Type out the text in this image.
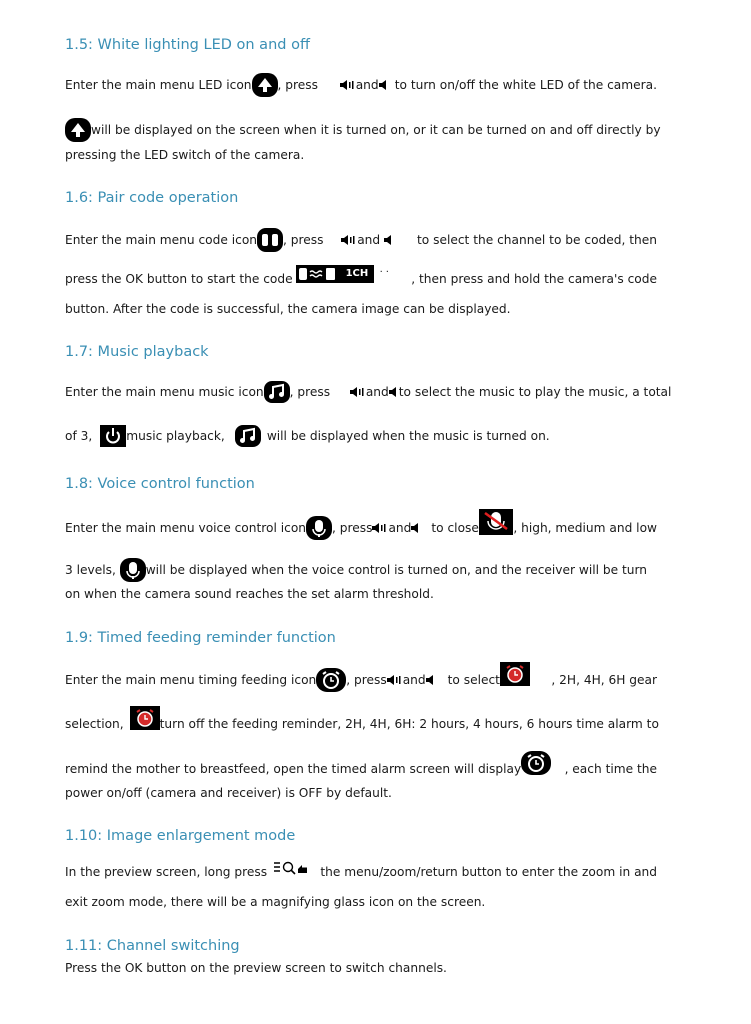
1.5: White lighting LED on and off
Enter the main menu LED icon , press	and	to turn on/off the white LED of the camera.
will be displayed on the screen when it is turned on, or it can be turned on and off directly by
pressing the LED switch of the camera.
1.6: Pair code operation
Enter the main menu code icon , press	and	to select the channel to be coded, then
press the OK button to start the code	1CH ·· , then press and hold the camera's code
button. After the code is successful, the camera image can be displayed.
1.7: Music playback
Enter the main menu music icon , press	and to select the music to play the music, a total
of 3,	music playback,	will be displayed when the music is turned on.
1.8: Voice control function
Enter the main menu voice control icon , press and to close	, high, medium and low
3 levels, will be displayed when the voice control is turned on, and the receiver will be turn
on when the camera sound reaches the set alarm threshold.
1.9: Timed feeding reminder function
Enter the main menu timing feeding icon , press and to select	, 2H, 4H, 6H gear
selection,	turn off the feeding reminder, 2H, 4H, 6H: 2 hours, 4 hours, 6 hours time alarm to
remind the mother to breastfeed, open the timed alarm screen will display	, each time the
power on/off (camera and receiver) is OFF by default.
1.10: Image enlargement mode
In the preview screen, long press	the menu/zoom/return button to enter the zoom in and
exit zoom mode, there will be a magnifying glass icon on the screen.
1.11: Channel switching
Press the OK button on the preview screen to switch channels.
